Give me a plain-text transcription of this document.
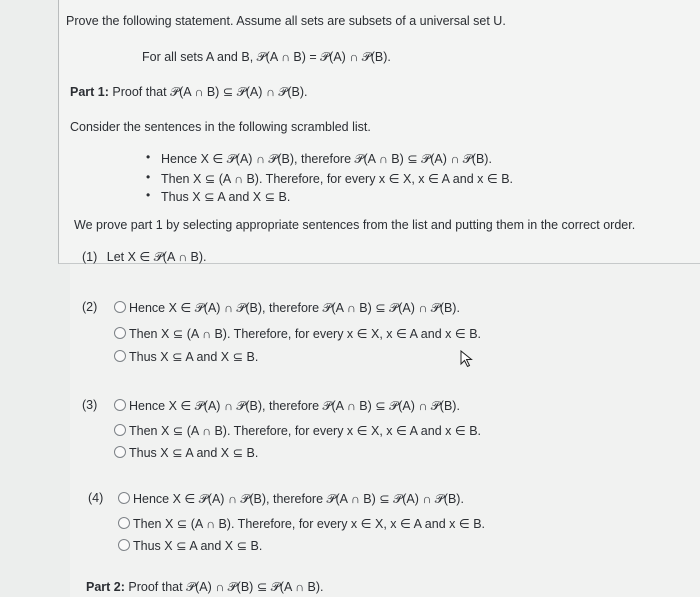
Prove the following statement. Assume all sets are subsets of a universal set U.
For all sets A and B, 𝒫(A ∩ B) = 𝒫(A) ∩ 𝒫(B).
Part 1: Proof that 𝒫(A ∩ B) ⊆ 𝒫(A) ∩ 𝒫(B).
Consider the sentences in the following scrambled list.
• Hence X ∈ 𝒫(A) ∩ 𝒫(B), therefore 𝒫(A ∩ B) ⊆ 𝒫(A) ∩ 𝒫(B).
• Then X ⊆ (A ∩ B). Therefore, for every x ∈ X, x ∈ A and x ∈ B.
• Thus X ⊆ A and X ⊆ B.
We prove part 1 by selecting appropriate sentences from the list and putting them in the correct order.
(1) Let X ∈ 𝒫(A ∩ B).
(2)	Hence X ∈ 𝒫(A) ∩ 𝒫(B), therefore 𝒫(A ∩ B) ⊆ 𝒫(A) ∩ 𝒫(B).
Then X ⊆ (A ∩ B). Therefore, for every x ∈ X, x ∈ A and x ∈ B.
Thus X ⊆ A and X ⊆ B.
(3)	Hence X ∈ 𝒫(A) ∩ 𝒫(B), therefore 𝒫(A ∩ B) ⊆ 𝒫(A) ∩ 𝒫(B).
Then X ⊆ (A ∩ B). Therefore, for every x ∈ X, x ∈ A and x ∈ B.
Thus X ⊆ A and X ⊆ B.
(4)	Hence X ∈ 𝒫(A) ∩ 𝒫(B), therefore 𝒫(A ∩ B) ⊆ 𝒫(A) ∩ 𝒫(B).
Then X ⊆ (A ∩ B). Therefore, for every x ∈ X, x ∈ A and x ∈ B.
Thus X ⊆ A and X ⊆ B.
Part 2: Proof that 𝒫(A) ∩ 𝒫(B) ⊆ 𝒫(A ∩ B).
